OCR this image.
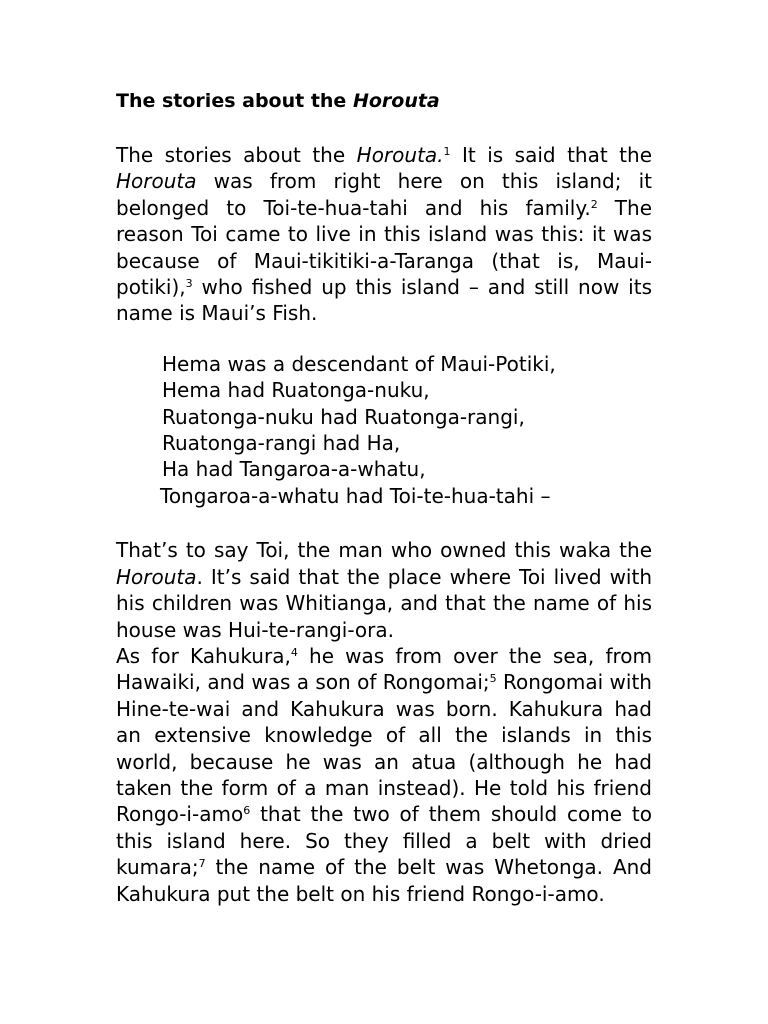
The stories about the Horouta

The stories about the Horouta.$^1$ It is said that the Horouta was from right here on this island; it belonged to Toi-te-hua-tahi and his family.$^2$ The reason Toi came to live in this island was this: it was because of Maui-tikitiki-a-Taranga (that is, Maui-potiki),$^3$ who fished up this island – and still now its name is Maui’s Fish.

Hema was a descendant of Maui-Potiki,
Hema had Ruatonga-nuku,
Ruatonga-nuku had Ruatonga-rangi,
Ruatonga-rangi had Ha,
Ha had Tangaroa-a-whatu,
Tongaroa-a-whatu had Toi-te-hua-tahi –

That’s to say Toi, the man who owned this waka the Horouta. It’s said that the place where Toi lived with his children was Whitianga, and that the name of his house was Hui-te-rangi-ora.

As for Kahukura,$^4$ he was from over the sea, from Hawaiki, and was a son of Rongomai;$^5$ Rongomai with Hine-te-wai and Kahukura was born. Kahukura had an extensive knowledge of all the islands in this world, because he was an atua (although he had taken the form of a man instead). He told his friend Rongo-i-amo$^6$ that the two of them should come to this island here. So they filled a belt with dried kumara;$^7$ the name of the belt was Whetonga. And Kahukura put the belt on his friend Rongo-i-amo.
